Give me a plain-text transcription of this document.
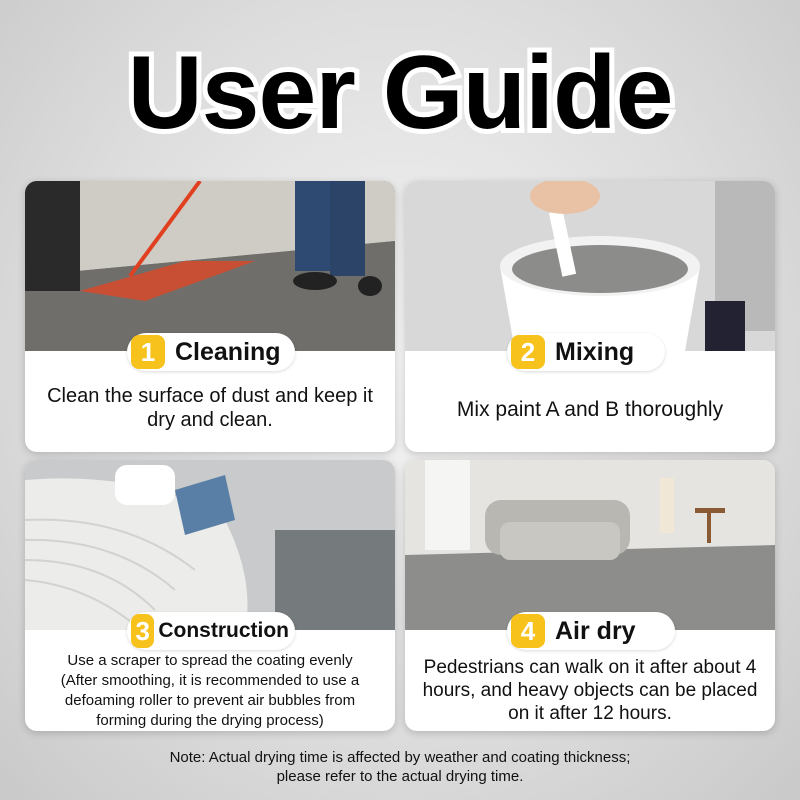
User Guide
1 Cleaning
Clean the surface of dust and keep it dry and clean.
2 Mixing
Mix paint A and B thoroughly
3 Construction
Use a scraper to spread the coating evenly (After smoothing, it is recommended to use a defoaming roller to prevent air bubbles from forming during the drying process)
4 Air dry
Pedestrians can walk on it after about 4 hours, and heavy objects can be placed on it after 12 hours.
Note: Actual drying time is affected by weather and coating thickness;
please refer to the actual drying time.
